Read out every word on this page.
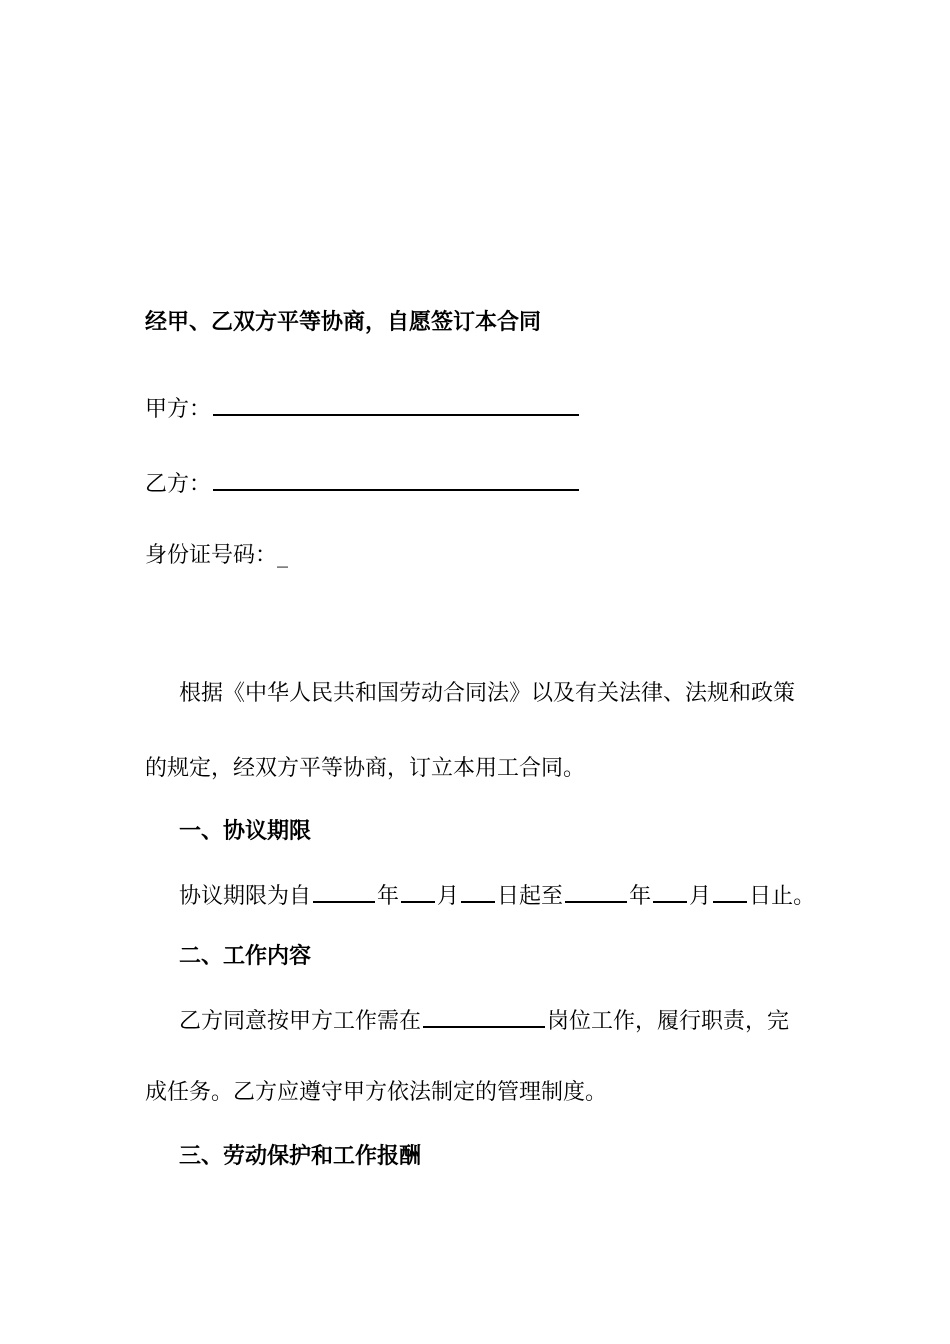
经甲、乙双方平等协商，自愿签订本合同
甲方：
乙方：
身份证号码：_
根据《中华人民共和国劳动合同法》以及有关法律、法规和政策
的规定，经双方平等协商，订立本用工合同。
一、协议期限
协议期限为自	年 月 日起至	年 月 日止。
二、工作内容
乙方同意按甲方工作需在	岗位工作，履行职责，完
成任务。乙方应遵守甲方依法制定的管理制度。
三、劳动保护和工作报酬
